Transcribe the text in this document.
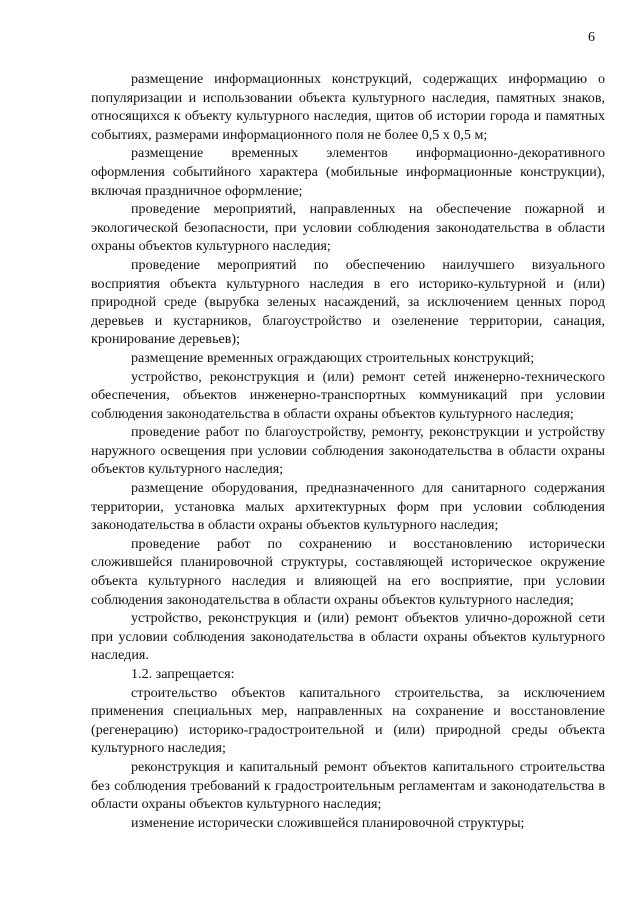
6

размещение информационных конструкций, содержащих информацию о популяризации и использовании объекта культурного наследия, памятных знаков, относящихся к объекту культурного наследия, щитов об истории города и памятных событиях, размерами информационного поля не более 0,5 х 0,5 м;

размещение временных элементов информационно-декоративного оформления событийного характера (мобильные информационные конструкции), включая праздничное оформление;

проведение мероприятий, направленных на обеспечение пожарной и экологической безопасности, при условии соблюдения законодательства в области охраны объектов культурного наследия;

проведение мероприятий по обеспечению наилучшего визуального восприятия объекта культурного наследия в его историко-культурной и (или) природной среде (вырубка зеленых насаждений, за исключением ценных пород деревьев и кустарников, благоустройство и озеленение территории, санация, кронирование деревьев);

размещение временных ограждающих строительных конструкций;

устройство, реконструкция и (или) ремонт сетей инженерно-технического обеспечения, объектов инженерно-транспортных коммуникаций при условии соблюдения законодательства в области охраны объектов культурного наследия;

проведение работ по благоустройству, ремонту, реконструкции и устройству наружного освещения при условии соблюдения законодательства в области охраны объектов культурного наследия;

размещение оборудования, предназначенного для санитарного содержания территории, установка малых архитектурных форм при условии соблюдения законодательства в области охраны объектов культурного наследия;

проведение работ по сохранению и восстановлению исторически сложившейся планировочной структуры, составляющей историческое окружение объекта культурного наследия и влияющей на его восприятие, при условии соблюдения законодательства в области охраны объектов культурного наследия;

устройство, реконструкция и (или) ремонт объектов улично-дорожной сети при условии соблюдения законодательства в области охраны объектов культурного наследия.

1.2. запрещается:

строительство объектов капитального строительства, за исключением применения специальных мер, направленных на сохранение и восстановление (регенерацию) историко-градостроительной и (или) природной среды объекта культурного наследия;

реконструкция и капитальный ремонт объектов капитального строительства без соблюдения требований к градостроительным регламентам и законодательства в области охраны объектов культурного наследия;

изменение исторически сложившейся планировочной структуры;
